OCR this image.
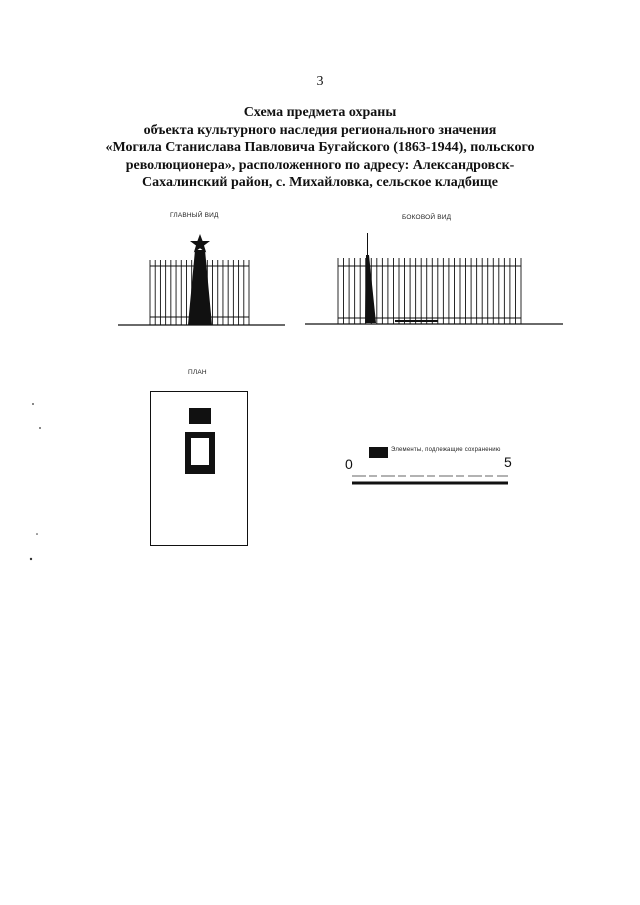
3
Схема предмета охраны
объекта культурного наследия регионального значения
«Могила Станислава Павловича Бугайского (1863-1944), польского
революционера», расположенного по адресу: Александровск-
Сахалинский район, с. Михайловка, сельское кладбище
ГЛАВНЫЙ ВИД	БОКОВОЙ ВИД
ПЛАН
Элементы, подлежащие сохранению
0	5
